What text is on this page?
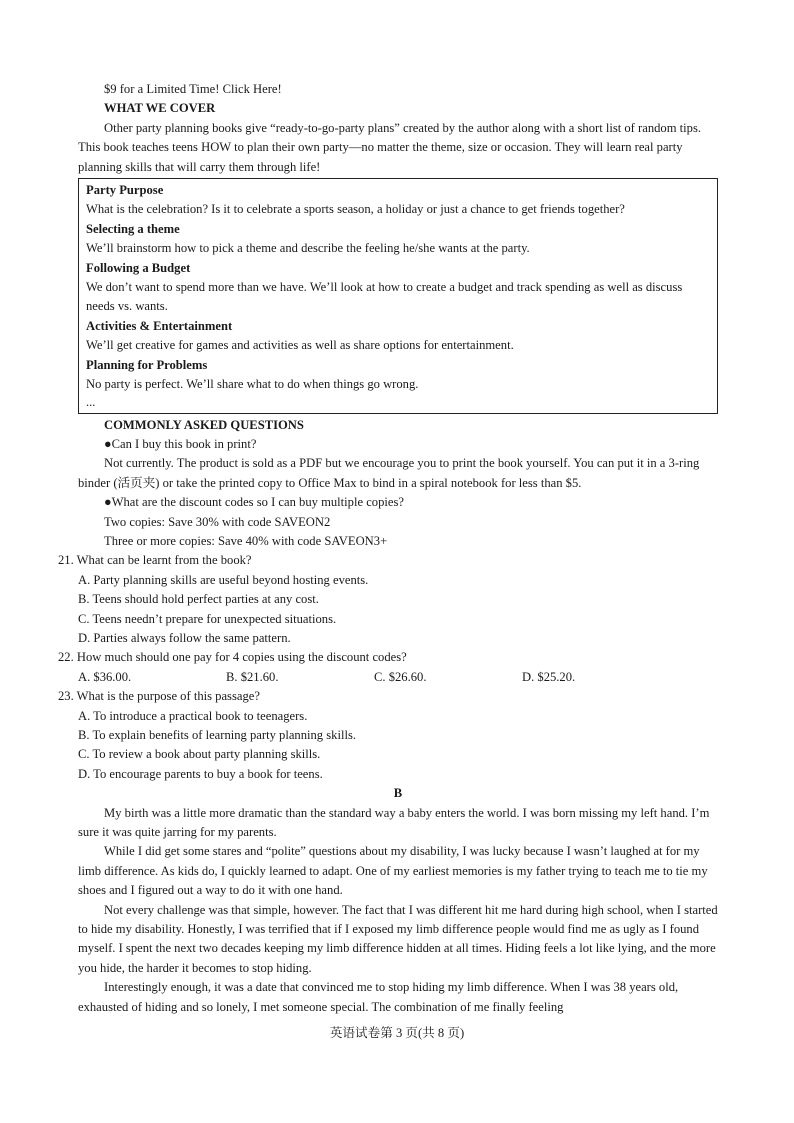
$9 for a Limited Time! Click Here!

WHAT WE COVER

Other party planning books give “ready-to-go-party plans” created by the author along with a short list of random tips. This book teaches teens HOW to plan their own party—no matter the theme, size or occasion. They will learn real party planning skills that will carry them through life!

Party Purpose

What is the celebration? Is it to celebrate a sports season, a holiday or just a chance to get friends together?

Selecting a theme

We’ll brainstorm how to pick a theme and describe the feeling he/she wants at the party.

Following a Budget

We don’t want to spend more than we have. We’ll look at how to create a budget and track spending as well as discuss needs vs. wants.

Activities & Entertainment

We’ll get creative for games and activities as well as share options for entertainment.

Planning for Problems

No party is perfect. We’ll share what to do when things go wrong.

...

COMMONLY ASKED QUESTIONS

●Can I buy this book in print?

Not currently. The product is sold as a PDF but we encourage you to print the book yourself. You can put it in a 3-ring binder (活页夹) or take the printed copy to Office Max to bind in a spiral notebook for less than $5.

●What are the discount codes so I can buy multiple copies?

Two copies: Save 30% with code SAVEON2

Three or more copies: Save 40% with code SAVEON3+

21. What can be learnt from the book?

A. Party planning skills are useful beyond hosting events.

B. Teens should hold perfect parties at any cost.

C. Teens needn’t prepare for unexpected situations.

D. Parties always follow the same pattern.

22. How much should one pay for 4 copies using the discount codes?

A. $36.00.	B. $21.60.	C. $26.60.	D. $25.20.

23. What is the purpose of this passage?

A. To introduce a practical book to teenagers.

B. To explain benefits of learning party planning skills.

C. To review a book about party planning skills.

D. To encourage parents to buy a book for teens.

B

My birth was a little more dramatic than the standard way a baby enters the world. I was born missing my left hand. I’m sure it was quite jarring for my parents.

While I did get some stares and “polite” questions about my disability, I was lucky because I wasn’t laughed at for my limb difference. As kids do, I quickly learned to adapt. One of my earliest memories is my father trying to teach me to tie my shoes and I figured out a way to do it with one hand.

Not every challenge was that simple, however. The fact that I was different hit me hard during high school, when I started to hide my disability. Honestly, I was terrified that if I exposed my limb difference people would find me as ugly as I found myself. I spent the next two decades keeping my limb difference hidden at all times. Hiding feels a lot like lying, and the more you hide, the harder it becomes to stop hiding.

Interestingly enough, it was a date that convinced me to stop hiding my limb difference. When I was 38 years old, exhausted of hiding and so lonely, I met someone special. The combination of me finally feeling

英语试卷第 3 页(共 8 页)
